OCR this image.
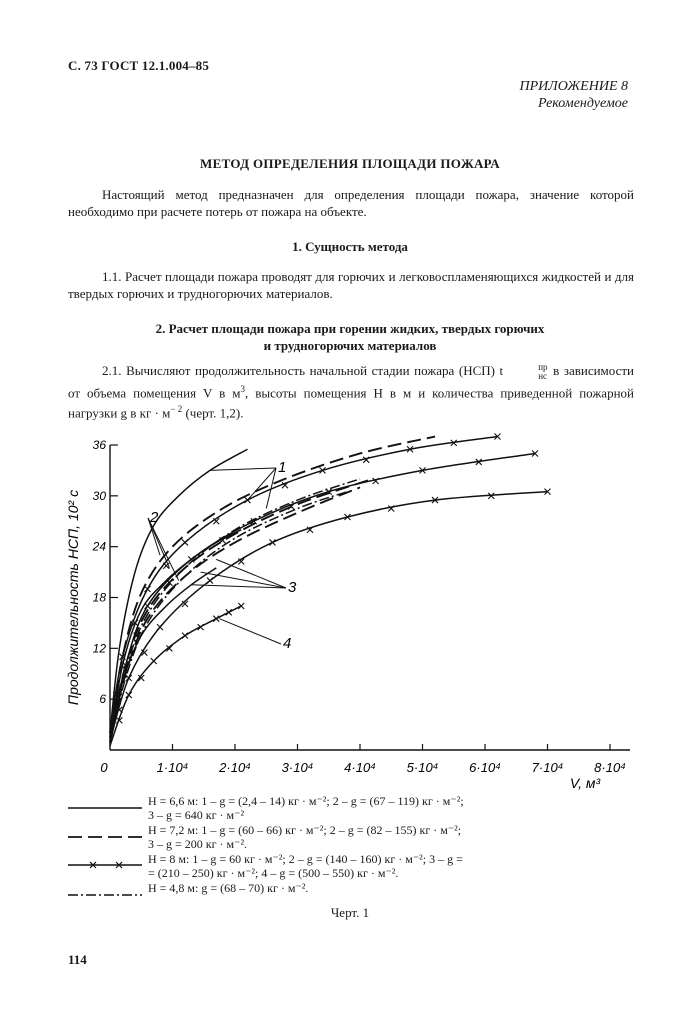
С. 73 ГОСТ 12.1.004–85
ПРИЛОЖЕНИЕ 8
Рекомендуемое
МЕТОД ОПРЕДЕЛЕНИЯ ПЛОЩАДИ ПОЖАРА
Настоящий метод предназначен для определения площади пожара, значение которой необходимо при расчете потерь от пожара на объекте.
1. Сущность метода
1.1. Расчет площади пожара проводят для горючих и легковоспламеняющихся жидкостей и для твердых горючих и трудногорючих материалов.
2. Расчет площади пожара при горении жидких, твердых горючих
и трудногорючих материалов
2.1. Вычисляют продолжительность начальной стадии пожара (НСП) t	пр
нс в зависимости от объема помещения V в $м^3$, высоты помещения H в м и количества приведенной пожарной нагрузки g в кг · $м^{- 2}$ (черт. 1,2).
0	1·10⁴ 2·10⁴ 3·10⁴ 4·10⁴ 5·10⁴ 6·10⁴ 7·10⁴ 8·10⁴
6
12
18
24
30
36
V, м³
Продолжительность НСП, 10² с
1
2
3
4
H = 6,6 м: 1 – g = (2,4 – 14) кг · м⁻²; 2 – g = (67 – 119) кг · м⁻²;
3 – g = 640 кг · м⁻²
H = 7,2 м: 1 – g = (60 – 66) кг · м⁻²; 2 – g = (82 – 155) кг · м⁻²;
3 – g = 200 кг · м⁻².
H = 8 м: 1 – g = 60 кг · м⁻²; 2 – g = (140 – 160) кг · м⁻²; 3 – g =
= (210 – 250) кг · м⁻²; 4 – g = (500 – 550) кг · м⁻².
H = 4,8 м: g = (68 – 70) кг · м⁻².
Черт. 1
114
